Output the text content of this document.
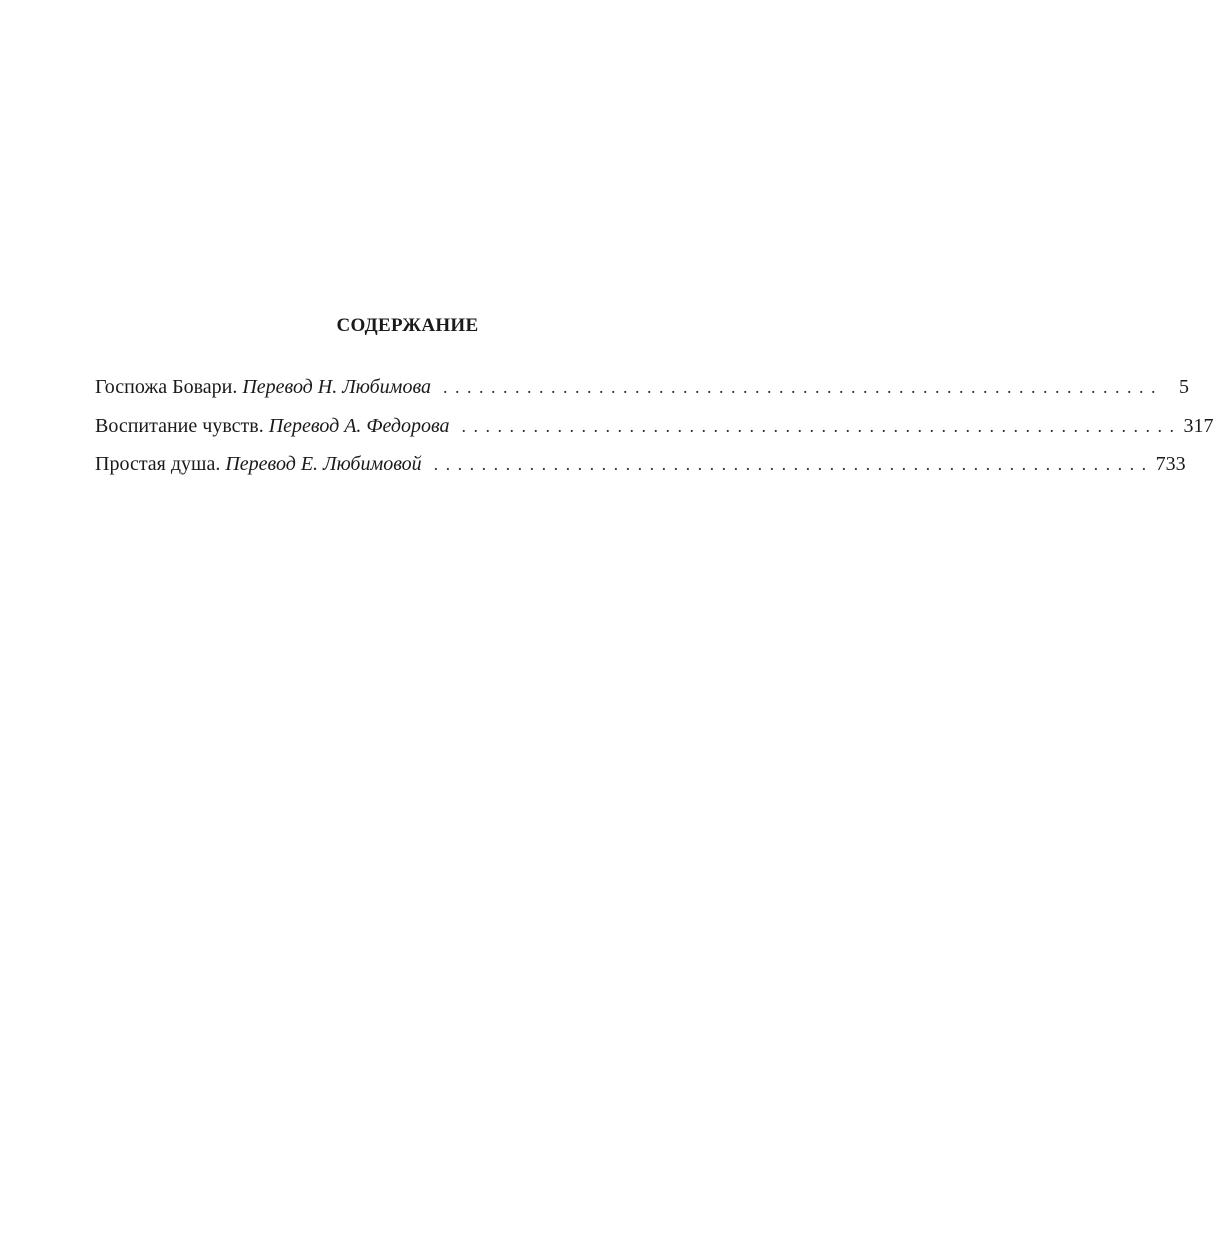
СОДЕРЖАНИЕ
Госпожа Бовари. Перевод Н. Любимова . . . . . . . . . . . . . . . . . . . . . . . . . . . . . . . . . . . . . . . . . . . . . . . . . . . . . . . . . . . .	5
Воспитание чувств. Перевод А. Федорова . . . . . . . . . . . . . . . . . . . . . . . . . . . . . . . . . . . . . . . . . . . . . . . . . . . . . . . . . . . . 317
Простая душа. Перевод Е. Любимовой . . . . . . . . . . . . . . . . . . . . . . . . . . . . . . . . . . . . . . . . . . . . . . . . . . . . . . . . . . . . 733
